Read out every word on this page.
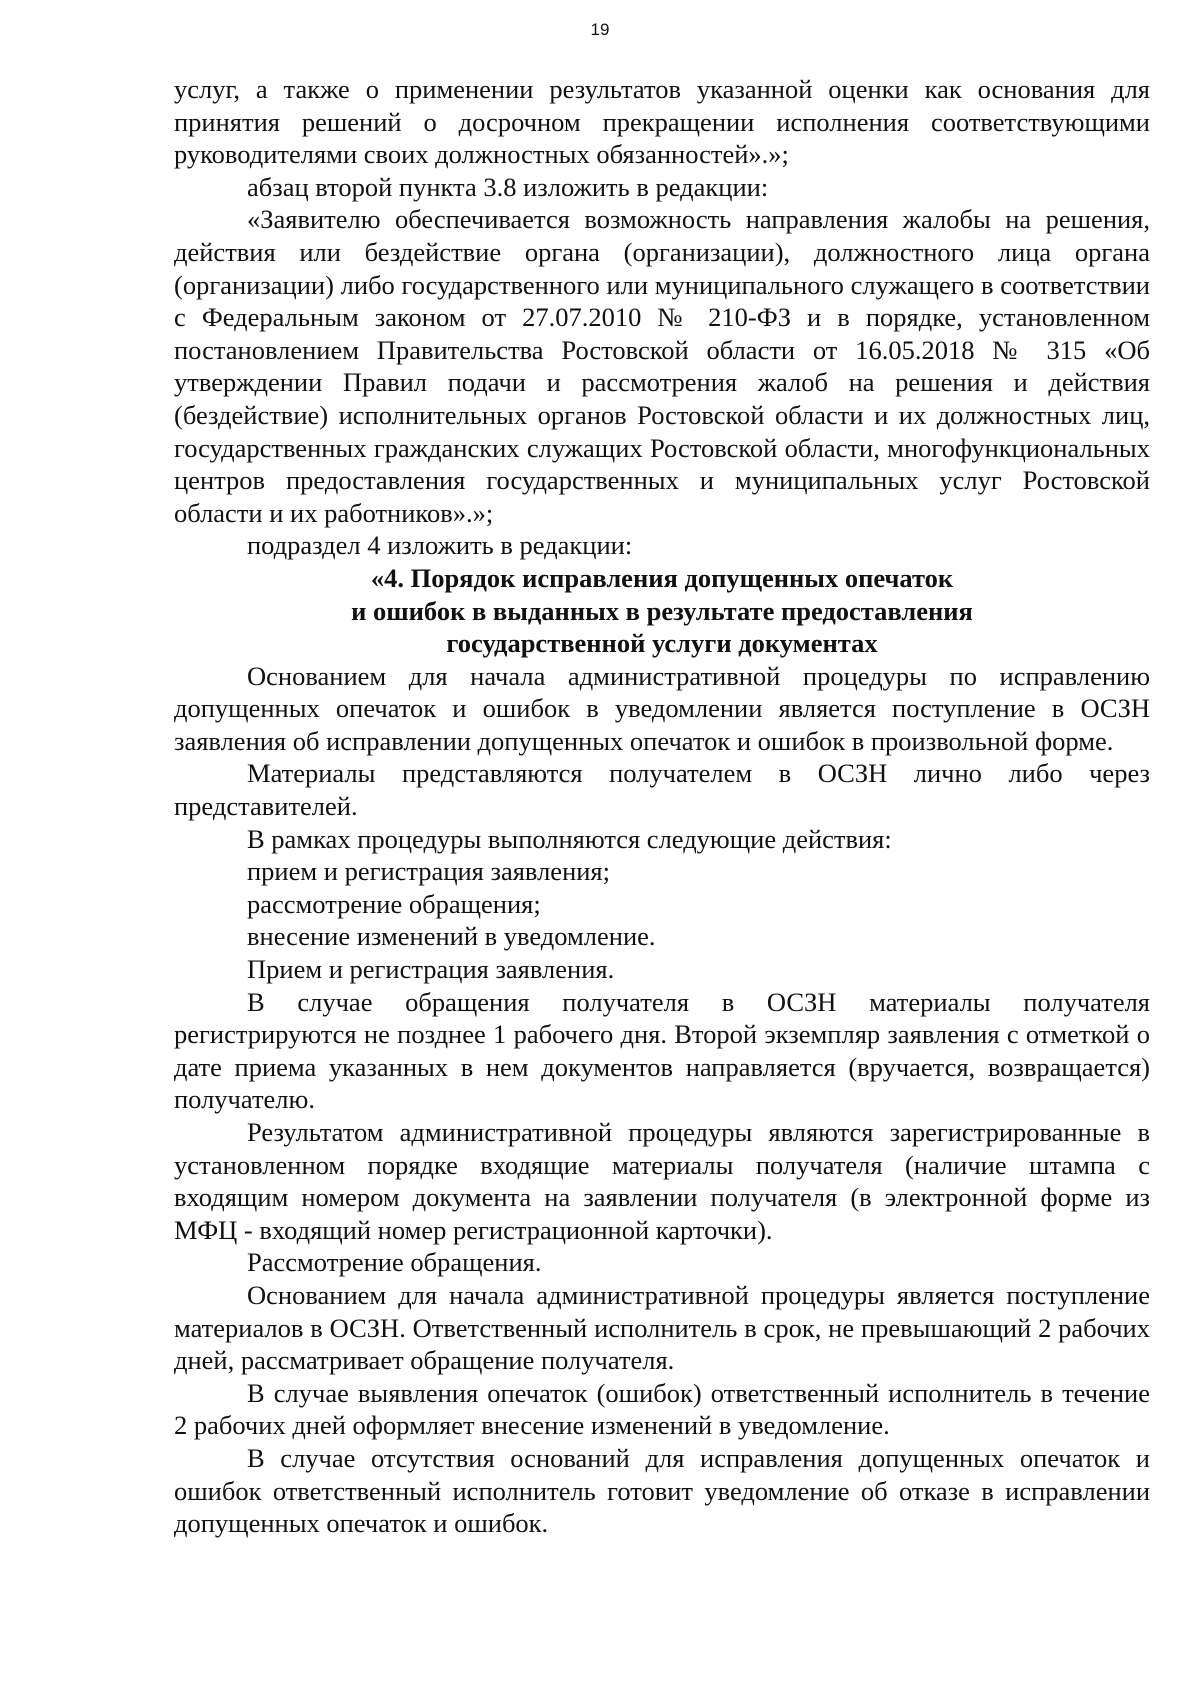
19

услуг, а также о применении результатов указанной оценки как основания для принятия решений о досрочном прекращении исполнения соответствующими руководителями своих должностных обязанностей».»;

абзац второй пункта 3.8 изложить в редакции:

«Заявителю обеспечивается возможность направления жалобы на решения, действия или бездействие органа (организации), должностного лица органа (организации) либо государственного или муниципального служащего в соответствии с Федеральным законом от 27.07.2010 № 210-ФЗ и в порядке, установленном постановлением Правительства Ростовской области от 16.05.2018 № 315 «Об утверждении Правил подачи и рассмотрения жалоб на решения и действия (бездействие) исполнительных органов Ростовской области и их должностных лиц, государственных гражданских служащих Ростовской области, многофункциональных центров предоставления государственных и муниципальных услуг Ростовской области и их работников».»;

подраздел 4 изложить в редакции:

«4. Порядок исправления допущенных опечаток
и ошибок в выданных в результате предоставления
государственной услуги документах

Основанием для начала административной процедуры по исправлению допущенных опечаток и ошибок в уведомлении является поступление в ОСЗН заявления об исправлении допущенных опечаток и ошибок в произвольной форме.

Материалы представляются получателем в ОСЗН лично либо через представителей.

В рамках процедуры выполняются следующие действия:

прием и регистрация заявления;

рассмотрение обращения;

внесение изменений в уведомление.

Прием и регистрация заявления.

В случае обращения получателя в ОСЗН материалы получателя регистрируются не позднее 1 рабочего дня. Второй экземпляр заявления с отметкой о дате приема указанных в нем документов направляется (вручается, возвращается) получателю.

Результатом административной процедуры являются зарегистрированные в установленном порядке входящие материалы получателя (наличие штампа с входящим номером документа на заявлении получателя (в электронной форме из МФЦ - входящий номер регистрационной карточки).

Рассмотрение обращения.

Основанием для начала административной процедуры является поступление материалов в ОСЗН. Ответственный исполнитель в срок, не превышающий 2 рабочих дней, рассматривает обращение получателя.

В случае выявления опечаток (ошибок) ответственный исполнитель в течение 2 рабочих дней оформляет внесение изменений в уведомление.

В случае отсутствия оснований для исправления допущенных опечаток и ошибок ответственный исполнитель готовит уведомление об отказе в исправлении допущенных опечаток и ошибок.
